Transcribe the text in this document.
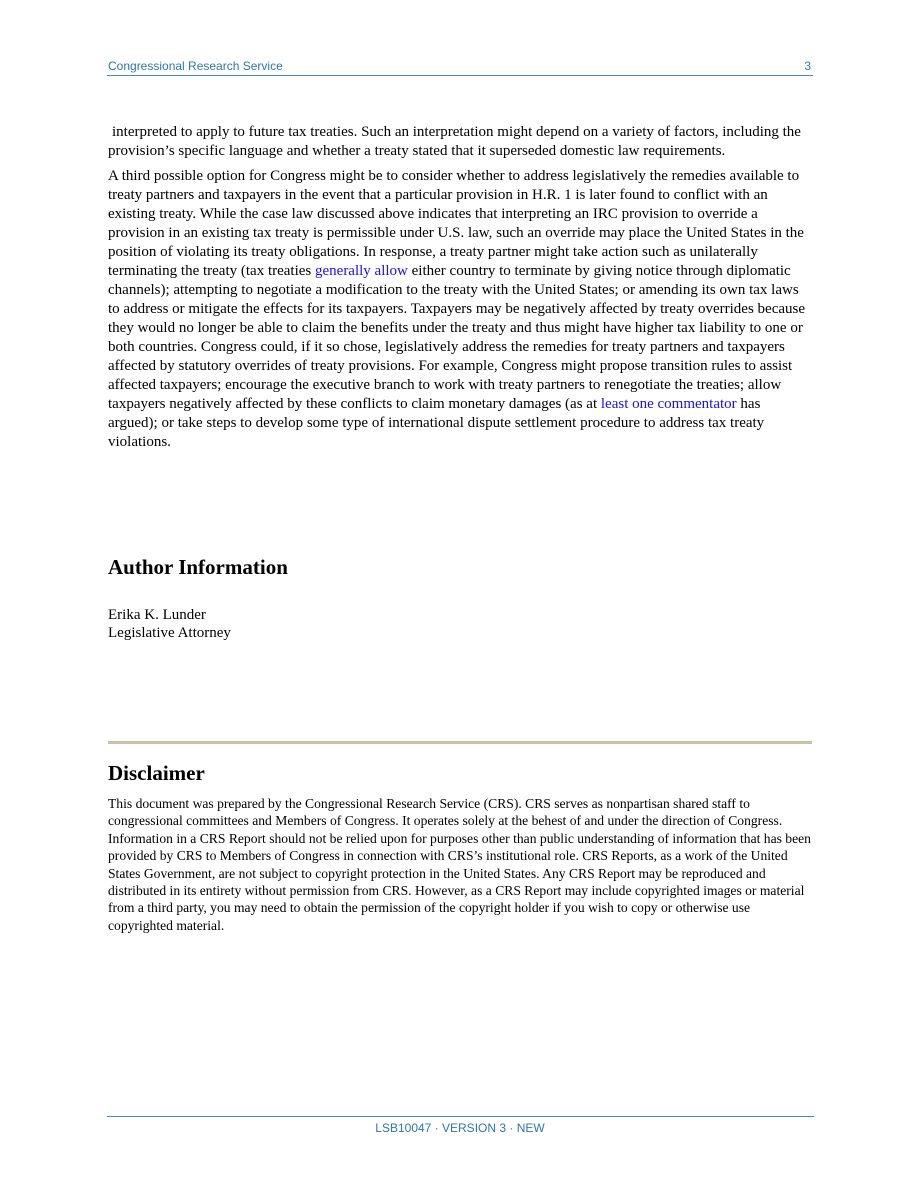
Congressional Research Service	3

interpreted to apply to future tax treaties. Such an interpretation might depend on a variety of factors, including the provision’s specific language and whether a treaty stated that it superseded domestic law requirements.

A third possible option for Congress might be to consider whether to address legislatively the remedies available to treaty partners and taxpayers in the event that a particular provision in H.R. 1 is later found to conflict with an existing treaty. While the case law discussed above indicates that interpreting an IRC provision to override a provision in an existing tax treaty is permissible under U.S. law, such an override may place the United States in the position of violating its treaty obligations. In response, a treaty partner might take action such as unilaterally terminating the treaty (tax treaties generally allow either country to terminate by giving notice through diplomatic channels); attempting to negotiate a modification to the treaty with the United States; or amending its own tax laws to address or mitigate the effects for its taxpayers. Taxpayers may be negatively affected by treaty overrides because they would no longer be able to claim the benefits under the treaty and thus might have higher tax liability to one or both countries. Congress could, if it so chose, legislatively address the remedies for treaty partners and taxpayers affected by statutory overrides of treaty provisions. For example, Congress might propose transition rules to assist affected taxpayers; encourage the executive branch to work with treaty partners to renegotiate the treaties; allow taxpayers negatively affected by these conflicts to claim monetary damages (as at least one commentator has argued); or take steps to develop some type of international dispute settlement procedure to address tax treaty violations.

Author Information
Erika K. Lunder
Legislative Attorney
Disclaimer

This document was prepared by the Congressional Research Service (CRS). CRS serves as nonpartisan shared staff to congressional committees and Members of Congress. It operates solely at the behest of and under the direction of Congress. Information in a CRS Report should not be relied upon for purposes other than public understanding of information that has been provided by CRS to Members of Congress in connection with CRS’s institutional role. CRS Reports, as a work of the United States Government, are not subject to copyright protection in the United States. Any CRS Report may be reproduced and distributed in its entirety without permission from CRS. However, as a CRS Report may include copyrighted images or material from a third party, you may need to obtain the permission of the copyright holder if you wish to copy or otherwise use copyrighted material.

LSB10047 · VERSION 3 · NEW
